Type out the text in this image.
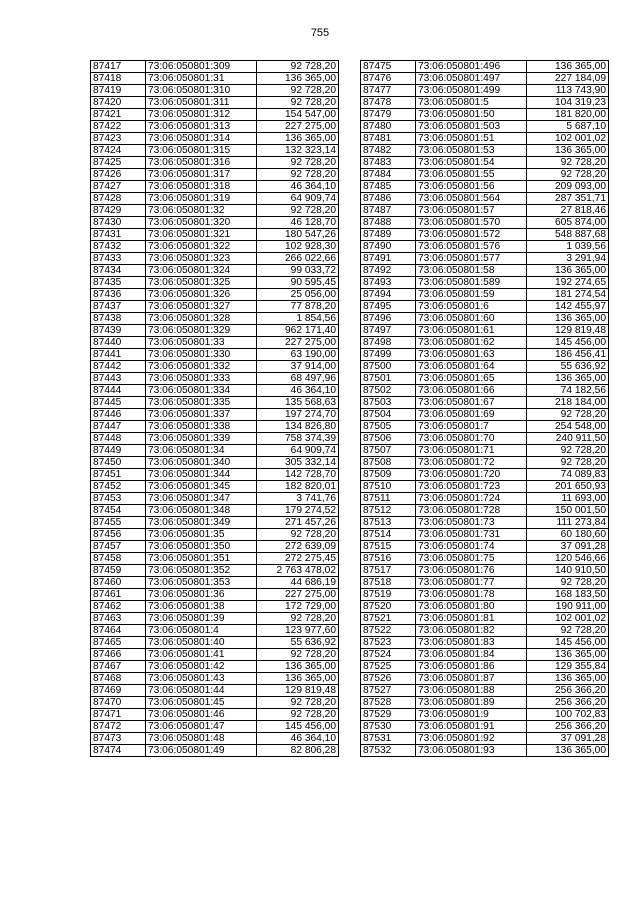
755
87417	73:06:050801:309	92 728,20
87418	73:06:050801:31	136 365,00
87419	73:06:050801:310	92 728,20
87420	73:06:050801:311	92 728,20
87421	73:06:050801:312	154 547,00
87422	73:06:050801:313	227 275,00
87423	73:06:050801:314	136 365,00
87424	73:06:050801:315	132 323,14
87425	73:06:050801:316	92 728,20
87426	73:06:050801:317	92 728,20
87427	73:06:050801:318	46 364,10
87428	73:06:050801:319	64 909,74
87429	73:06:050801:32	92 728,20
87430	73:06:050801:320	46 128,70
87431	73:06:050801:321	180 547,26
87432	73:06:050801:322	102 928,30
87433	73:06:050801:323	266 022,66
87434	73:06:050801:324	99 033,72
87435	73:06:050801:325	90 595,45
87436	73:06:050801:326	25 056,00
87437	73:06:050801:327	77 878,20
87438	73:06:050801:328	1 854,56
87439	73:06:050801:329	962 171,40
87440	73:06:050801:33	227 275,00
87441	73:06:050801:330	63 190,00
87442	73:06:050801:332	37 914,00
87443	73:06:050801:333	68 497,96
87444	73:06:050801:334	46 364,10
87445	73:06:050801:335	135 568,63
87446	73:06:050801:337	197 274,70
87447	73:06:050801:338	134 826,80
87448	73:06:050801:339	758 374,39
87449	73:06:050801:34	64 909,74
87450	73:06:050801:340	305 332,14
87451	73:06:050801:344	142 728,70
87452	73:06:050801:345	182 820,01
87453	73:06:050801:347	3 741,76
87454	73:06:050801:348	179 274,52
87455	73:06:050801:349	271 457,26
87456	73:06:050801:35	92 728,20
87457	73:06:050801:350	272 639,09
87458	73:06:050801:351	272 275,45
87459	73:06:050801:352	2 763 478,02
87460	73:06:050801:353	44 686,19
87461	73:06:050801:36	227 275,00
87462	73:06:050801:38	172 729,00
87463	73:06:050801:39	92 728,20
87464	73:06:050801:4	123 977,60
87465	73:06:050801:40	55 636,92
87466	73:06:050801:41	92 728,20
87467	73:06:050801:42	136 365,00
87468	73:06:050801:43	136 365,00
87469	73:06:050801:44	129 819,48
87470	73:06:050801:45	92 728,20
87471	73:06:050801:46	92 728,20
87472	73:06:050801:47	145 456,00
87473	73:06:050801:48	46 364,10
87474	73:06:050801:49	82 806,28
87475	73:06:050801:496	136 365,00
87476	73:06:050801:497	227 184,09
87477	73:06:050801:499	113 743,90
87478	73:06:050801:5	104 319,23
87479	73:06:050801:50	181 820,00
87480	73:06:050801:503	5 687,10
87481	73:06:050801:51	102 001,02
87482	73:06:050801:53	136 365,00
87483	73:06:050801:54	92 728,20
87484	73:06:050801:55	92 728,20
87485	73:06:050801:56	209 093,00
87486	73:06:050801:564	287 351,71
87487	73:06:050801:57	27 818,46
87488	73:06:050801:570	605 874,00
87489	73:06:050801:572	548 887,68
87490	73:06:050801:576	1 039,56
87491	73:06:050801:577	3 291,94
87492	73:06:050801:58	136 365,00
87493	73:06:050801:589	192 274,65
87494	73:06:050801:59	181 274,54
87495	73:06:050801:6	142 455,97
87496	73:06:050801:60	136 365,00
87497	73:06:050801:61	129 819,48
87498	73:06:050801:62	145 456,00
87499	73:06:050801:63	186 456,41
87500	73:06:050801:64	55 636,92
87501	73:06:050801:65	136 365,00
87502	73:06:050801:66	74 182,56
87503	73:06:050801:67	218 184,00
87504	73:06:050801:69	92 728,20
87505	73:06:050801:7	254 548,00
87506	73:06:050801:70	240 911,50
87507	73:06:050801:71	92 728,20
87508	73:06:050801:72	92 728,20
87509	73:06:050801:720	74 089,83
87510	73:06:050801:723	201 650,93
87511	73:06:050801:724	11 693,00
87512	73:06:050801:728	150 001,50
87513	73:06:050801:73	111 273,84
87514	73:06:050801:731	60 180,60
87515	73:06:050801:74	37 091,28
87516	73:06:050801:75	120 546,66
87517	73:06:050801:76	140 910,50
87518	73:06:050801:77	92 728,20
87519	73:06:050801:78	168 183,50
87520	73:06:050801:80	190 911,00
87521	73:06:050801:81	102 001,02
87522	73:06:050801:82	92 728,20
87523	73:06:050801:83	145 456,00
87524	73:06:050801:84	136 365,00
87525	73:06:050801:86	129 355,84
87526	73:06:050801:87	136 365,00
87527	73:06:050801:88	256 366,20
87528	73:06:050801:89	256 366,20
87529	73:06:050801:9	100 702,83
87530	73:06:050801:91	256 366,20
87531	73:06:050801:92	37 091,28
87532	73:06:050801:93	136 365,00
